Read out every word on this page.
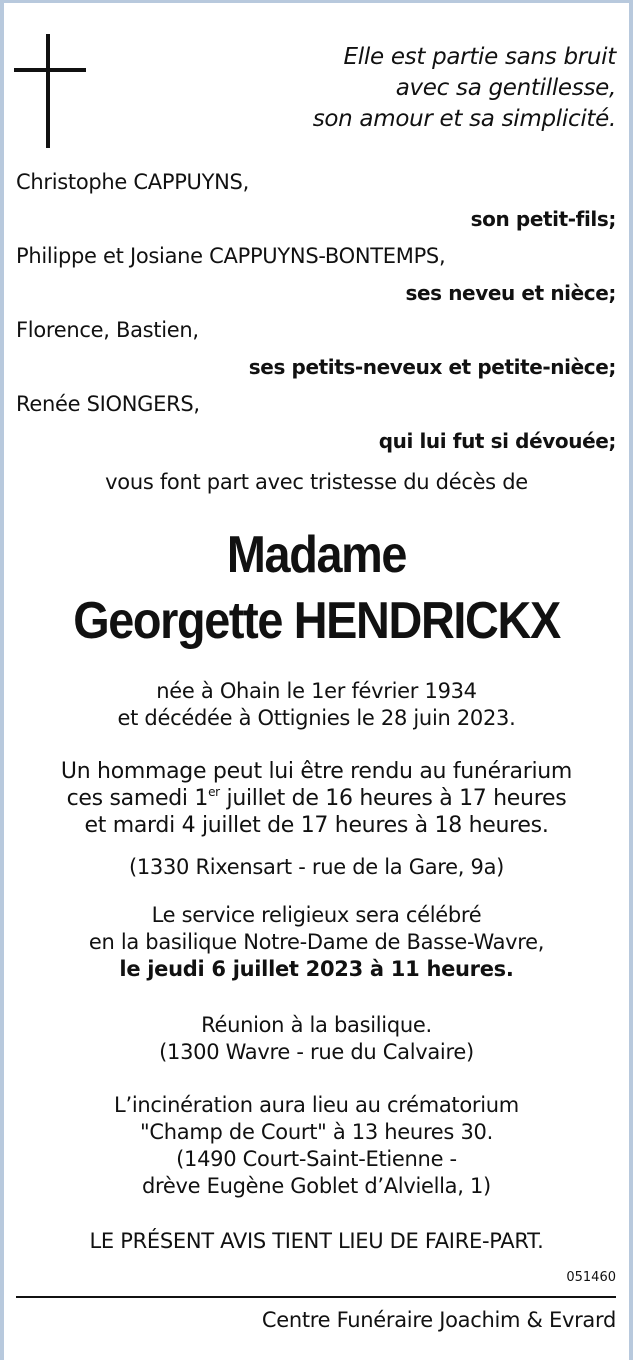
Elle est partie sans bruit
avec sa gentillesse,
son amour et sa simplicité.
Christophe CAPPUYNS,
son petit-fils;
Philippe et Josiane CAPPUYNS-BONTEMPS,
ses neveu et nièce;
Florence, Bastien,
ses petits-neveux et petite-nièce;
Renée SIONGERS,
qui lui fut si dévouée;
vous font part avec tristesse du décès de
Madame
Georgette HENDRICKX
née à Ohain le 1er février 1934
et décédée à Ottignies le 28 juin 2023.
Un hommage peut lui être rendu au funérarium
ces samedi 1er juillet de 16 heures à 17 heures
et mardi 4 juillet de 17 heures à 18 heures.
(1330 Rixensart - rue de la Gare, 9a)
Le service religieux sera célébré
en la basilique Notre-Dame de Basse-Wavre,
le jeudi 6 juillet 2023 à 11 heures.
Réunion à la basilique.
(1300 Wavre - rue du Calvaire)
L’incinération aura lieu au crématorium
"Champ de Court" à 13 heures 30.
(1490 Court-Saint-Etienne -
drève Eugène Goblet d’Alviella, 1)
LE PRÉSENT AVIS TIENT LIEU DE FAIRE-PART.
051460
Centre Funéraire Joachim & Evrard
